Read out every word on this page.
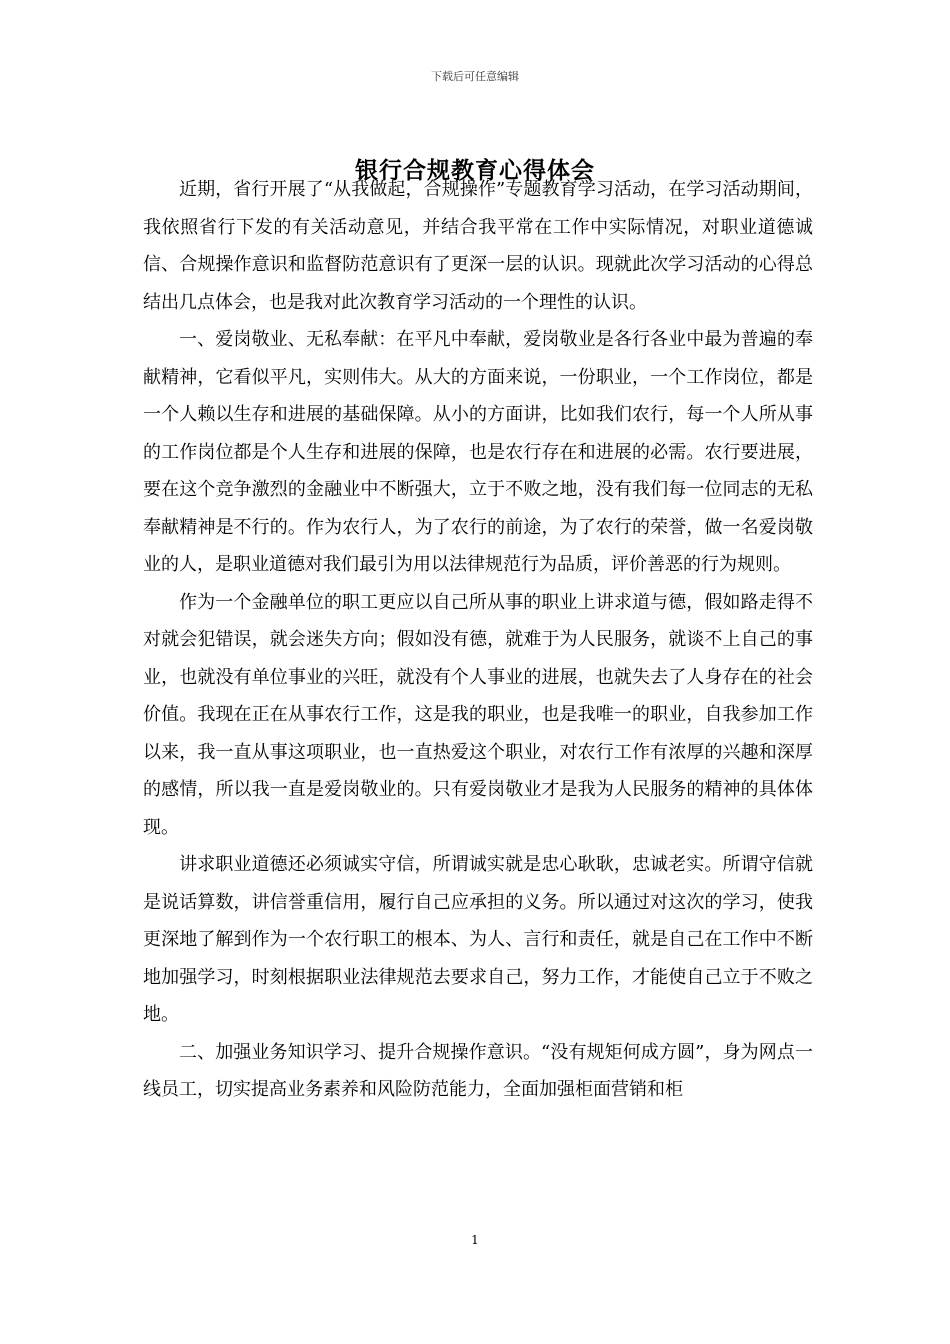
下载后可任意编辑
银行合规教育心得体会

近期，省行开展了“从我做起，合规操作”专题教育学习活动，在学习活动期间，我依照省行下发的有关活动意见，并结合我平常在工作中实际情况，对职业道德诚信、合规操作意识和监督防范意识有了更深一层的认识。现就此次学习活动的心得总结出几点体会，也是我对此次教育学习活动的一个理性的认识。

一、爱岗敬业、无私奉献：在平凡中奉献，爱岗敬业是各行各业中最为普遍的奉献精神，它看似平凡，实则伟大。从大的方面来说，一份职业，一个工作岗位，都是一个人赖以生存和进展的基础保障。从小的方面讲，比如我们农行，每一个人所从事的工作岗位都是个人生存和进展的保障，也是农行存在和进展的必需。农行要进展，要在这个竞争激烈的金融业中不断强大，立于不败之地，没有我们每一位同志的无私奉献精神是不行的。作为农行人，为了农行的前途，为了农行的荣誉，做一名爱岗敬业的人，是职业道德对我们最引为用以法律规范行为品质，评价善恶的行为规则。

作为一个金融单位的职工更应以自己所从事的职业上讲求道与德，假如路走得不对就会犯错误，就会迷失方向；假如没有德，就难于为人民服务，就谈不上自己的事业，也就没有单位事业的兴旺，就没有个人事业的进展，也就失去了人身存在的社会价值。我现在正在从事农行工作，这是我的职业，也是我唯一的职业，自我参加工作以来，我一直从事这项职业，也一直热爱这个职业，对农行工作有浓厚的兴趣和深厚的感情，所以我一直是爱岗敬业的。只有爱岗敬业才是我为人民服务的精神的具体体现。

讲求职业道德还必须诚实守信，所谓诚实就是忠心耿耿，忠诚老实。所谓守信就是说话算数，讲信誉重信用，履行自己应承担的义务。所以通过对这次的学习，使我更深地了解到作为一个农行职工的根本、为人、言行和责任，就是自己在工作中不断地加强学习，时刻根据职业法律规范去要求自己，努力工作，才能使自己立于不败之地。

二、加强业务知识学习、提升合规操作意识。“没有规矩何成方圆”，身为网点一线员工，切实提高业务素养和风险防范能力，全面加强柜面营销和柜

1
